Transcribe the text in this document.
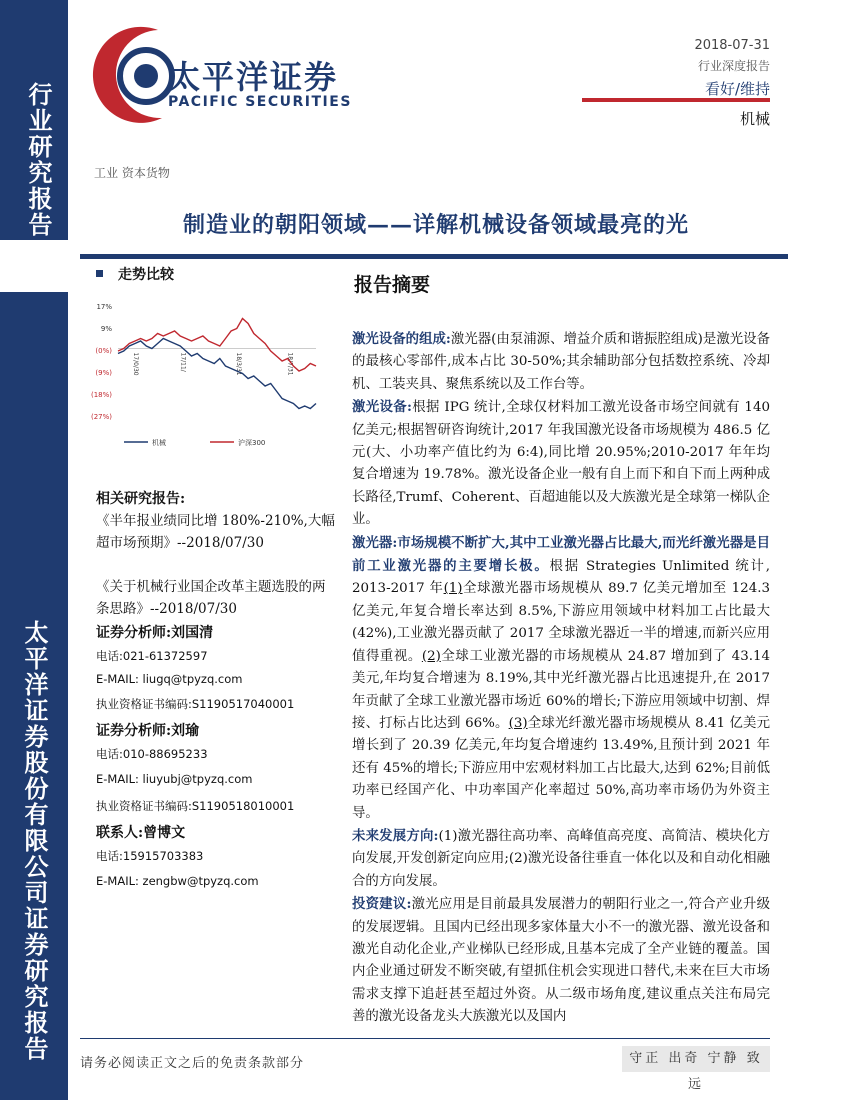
行业研究报告
太平洋证券股份有限公司证券研究报告
太平洋证券
PACIFIC SECURITIES
2018-07-31
行业深度报告
看好/维持
机械
工业 资本货物
制造业的朝阳领域——详解机械设备领域最亮的光
走势比较
17%
9%
(0%)
(9%)
(18%)
(27%)
17/0/30	17/11/	18/3/31	18/7/31
机械	沪深300
相关研究报告:
《半年报业绩同比增 180%-210%,大幅超市场预期》--2018/07/30
《关于机械行业国企改革主题选股的两条思路》--2018/07/30
证券分析师:刘国清
电话:021-61372597
E-MAIL: liugq@tpyzq.com
执业资格证书编码:S1190517040001
证券分析师:刘瑜
电话:010-88695233
E-MAIL: liuyubj@tpyzq.com
执业资格证书编码:S1190518010001
联系人:曾博文
电话:15915703383
E-MAIL: zengbw@tpyzq.com
报告摘要

激光设备的组成:激光器(由泵浦源、增益介质和谐振腔组成)是激光设备的最核心零部件,成本占比 30-50%;其余辅助部分包括数控系统、冷却机、工装夹具、聚焦系统以及工作台等。

激光设备:根据 IPG 统计,全球仅材料加工激光设备市场空间就有 140 亿美元;根据智研咨询统计,2017 年我国激光设备市场规模为 486.5 亿元(大、小功率产值比约为 6:4),同比增 20.95%;2010-2017 年年均复合增速为 19.78%。激光设备企业一般有自上而下和自下而上两种成长路径,Trumf、Coherent、百超迪能以及大族激光是全球第一梯队企业。

激光器:市场规模不断扩大,其中工业激光器占比最大,而光纤激光器是目前工业激光器的主要增长极。根据 Strategies Unlimited 统计, 2013-2017 年(1)全球激光器市场规模从 89.7 亿美元增加至 124.3 亿美元,年复合增长率达到 8.5%,下游应用领域中材料加工占比最大(42%),工业激光器贡献了 2017 全球激光器近一半的增速,而新兴应用值得重视。(2)全球工业激光器的市场规模从 24.87 增加到了 43.14 美元,年均复合增速为 8.19%,其中光纤激光器占比迅速提升,在 2017 年贡献了全球工业激光器市场近 60%的增长;下游应用领域中切割、焊接、打标占比达到 66%。(3)全球光纤激光器市场规模从 8.41 亿美元增长到了 20.39 亿美元,年均复合增速约 13.49%,且预计到 2021 年还有 45%的增长;下游应用中宏观材料加工占比最大,达到 62%;目前低功率已经国产化、中功率国产化率超过 50%,高功率市场仍为外资主导。

未来发展方向:(1)激光器往高功率、高峰值高亮度、高简洁、模块化方向发展,开发创新定向应用;(2)激光设备往垂直一体化以及和自动化相融合的方向发展。

投资建议:激光应用是目前最具发展潜力的朝阳行业之一,符合产业升级的发展逻辑。且国内已经出现多家体量大小不一的激光器、激光设备和激光自动化企业,产业梯队已经形成,且基本完成了全产业链的覆盖。国内企业通过研发不断突破,有望抓住机会实现进口替代,未来在巨大市场需求支撑下追赶甚至超过外资。从二级市场角度,建议重点关注布局完善的激光设备龙头大族激光以及国内

请务必阅读正文之后的免责条款部分	守正 出奇 宁静 致远
